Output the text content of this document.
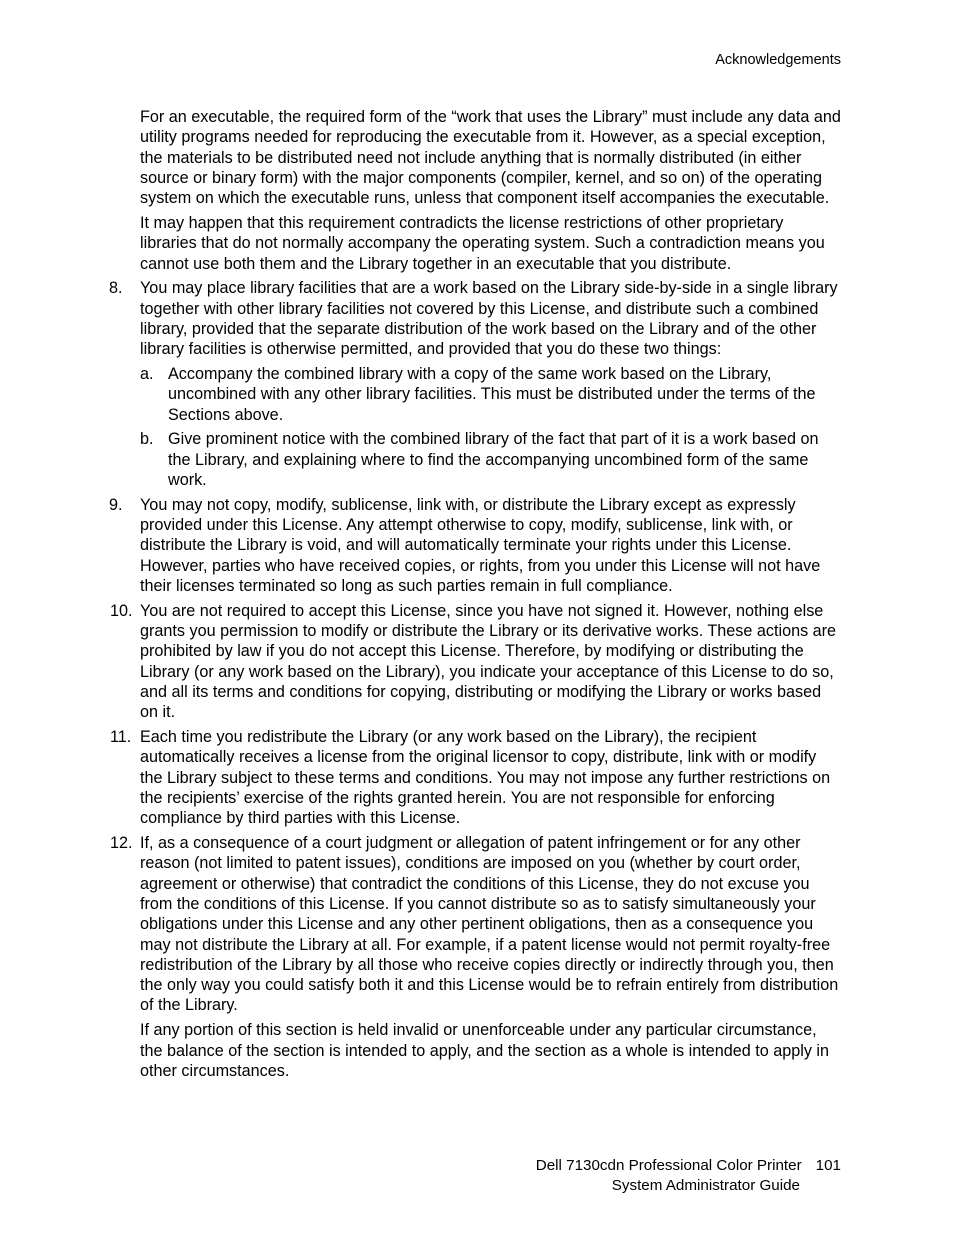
Acknowledgements

For an executable, the required form of the “work that uses the Library” must include any data and utility programs needed for reproducing the executable from it. However, as a special exception, the materials to be distributed need not include anything that is normally distributed (in either source or binary form) with the major components (compiler, kernel, and so on) of the operating system on which the executable runs, unless that component itself accompanies the executable.

It may happen that this requirement contradicts the license restrictions of other proprietary libraries that do not normally accompany the operating system. Such a contradiction means you cannot use both them and the Library together in an executable that you distribute.

8.	You may place library facilities that are a work based on the Library side-by-side in a single library together with other library facilities not covered by this License, and distribute such a combined library, provided that the separate distribution of the work based on the Library and of the other library facilities is otherwise permitted, and provided that you do these two things:
a. Accompany the combined library with a copy of the same work based on the Library, uncombined with any other library facilities. This must be distributed under the terms of the Sections above.
b. Give prominent notice with the combined library of the fact that part of it is a work based on the Library, and explaining where to find the accompanying uncombined form of the same work.
9.	You may not copy, modify, sublicense, link with, or distribute the Library except as expressly provided under this License. Any attempt otherwise to copy, modify, sublicense, link with, or distribute the Library is void, and will automatically terminate your rights under this License. However, parties who have received copies, or rights, from you under this License will not have their licenses terminated so long as such parties remain in full compliance.
10. You are not required to accept this License, since you have not signed it. However, nothing else grants you permission to modify or distribute the Library or its derivative works. These actions are prohibited by law if you do not accept this License. Therefore, by modifying or distributing the Library (or any work based on the Library), you indicate your acceptance of this License to do so, and all its terms and conditions for copying, distributing or modifying the Library or works based on it.
11. Each time you redistribute the Library (or any work based on the Library), the recipient automatically receives a license from the original licensor to copy, distribute, link with or modify the Library subject to these terms and conditions. You may not impose any further restrictions on the recipients’ exercise of the rights granted herein. You are not responsible for enforcing compliance by third parties with this License.
12. If, as a consequence of a court judgment or allegation of patent infringement or for any other reason (not limited to patent issues), conditions are imposed on you (whether by court order, agreement or otherwise) that contradict the conditions of this License, they do not excuse you from the conditions of this License. If you cannot distribute so as to satisfy simultaneously your obligations under this License and any other pertinent obligations, then as a consequence you may not distribute the Library at all. For example, if a patent license would not permit royalty-free redistribution of the Library by all those who receive copies directly or indirectly through you, then the only way you could satisfy both it and this License would be to refrain entirely from distribution of the Library.

If any portion of this section is held invalid or unenforceable under any particular circumstance, the balance of the section is intended to apply, and the section as a whole is intended to apply in other circumstances.

Dell 7130cdn Professional Color Printer 101
System Administrator Guide
